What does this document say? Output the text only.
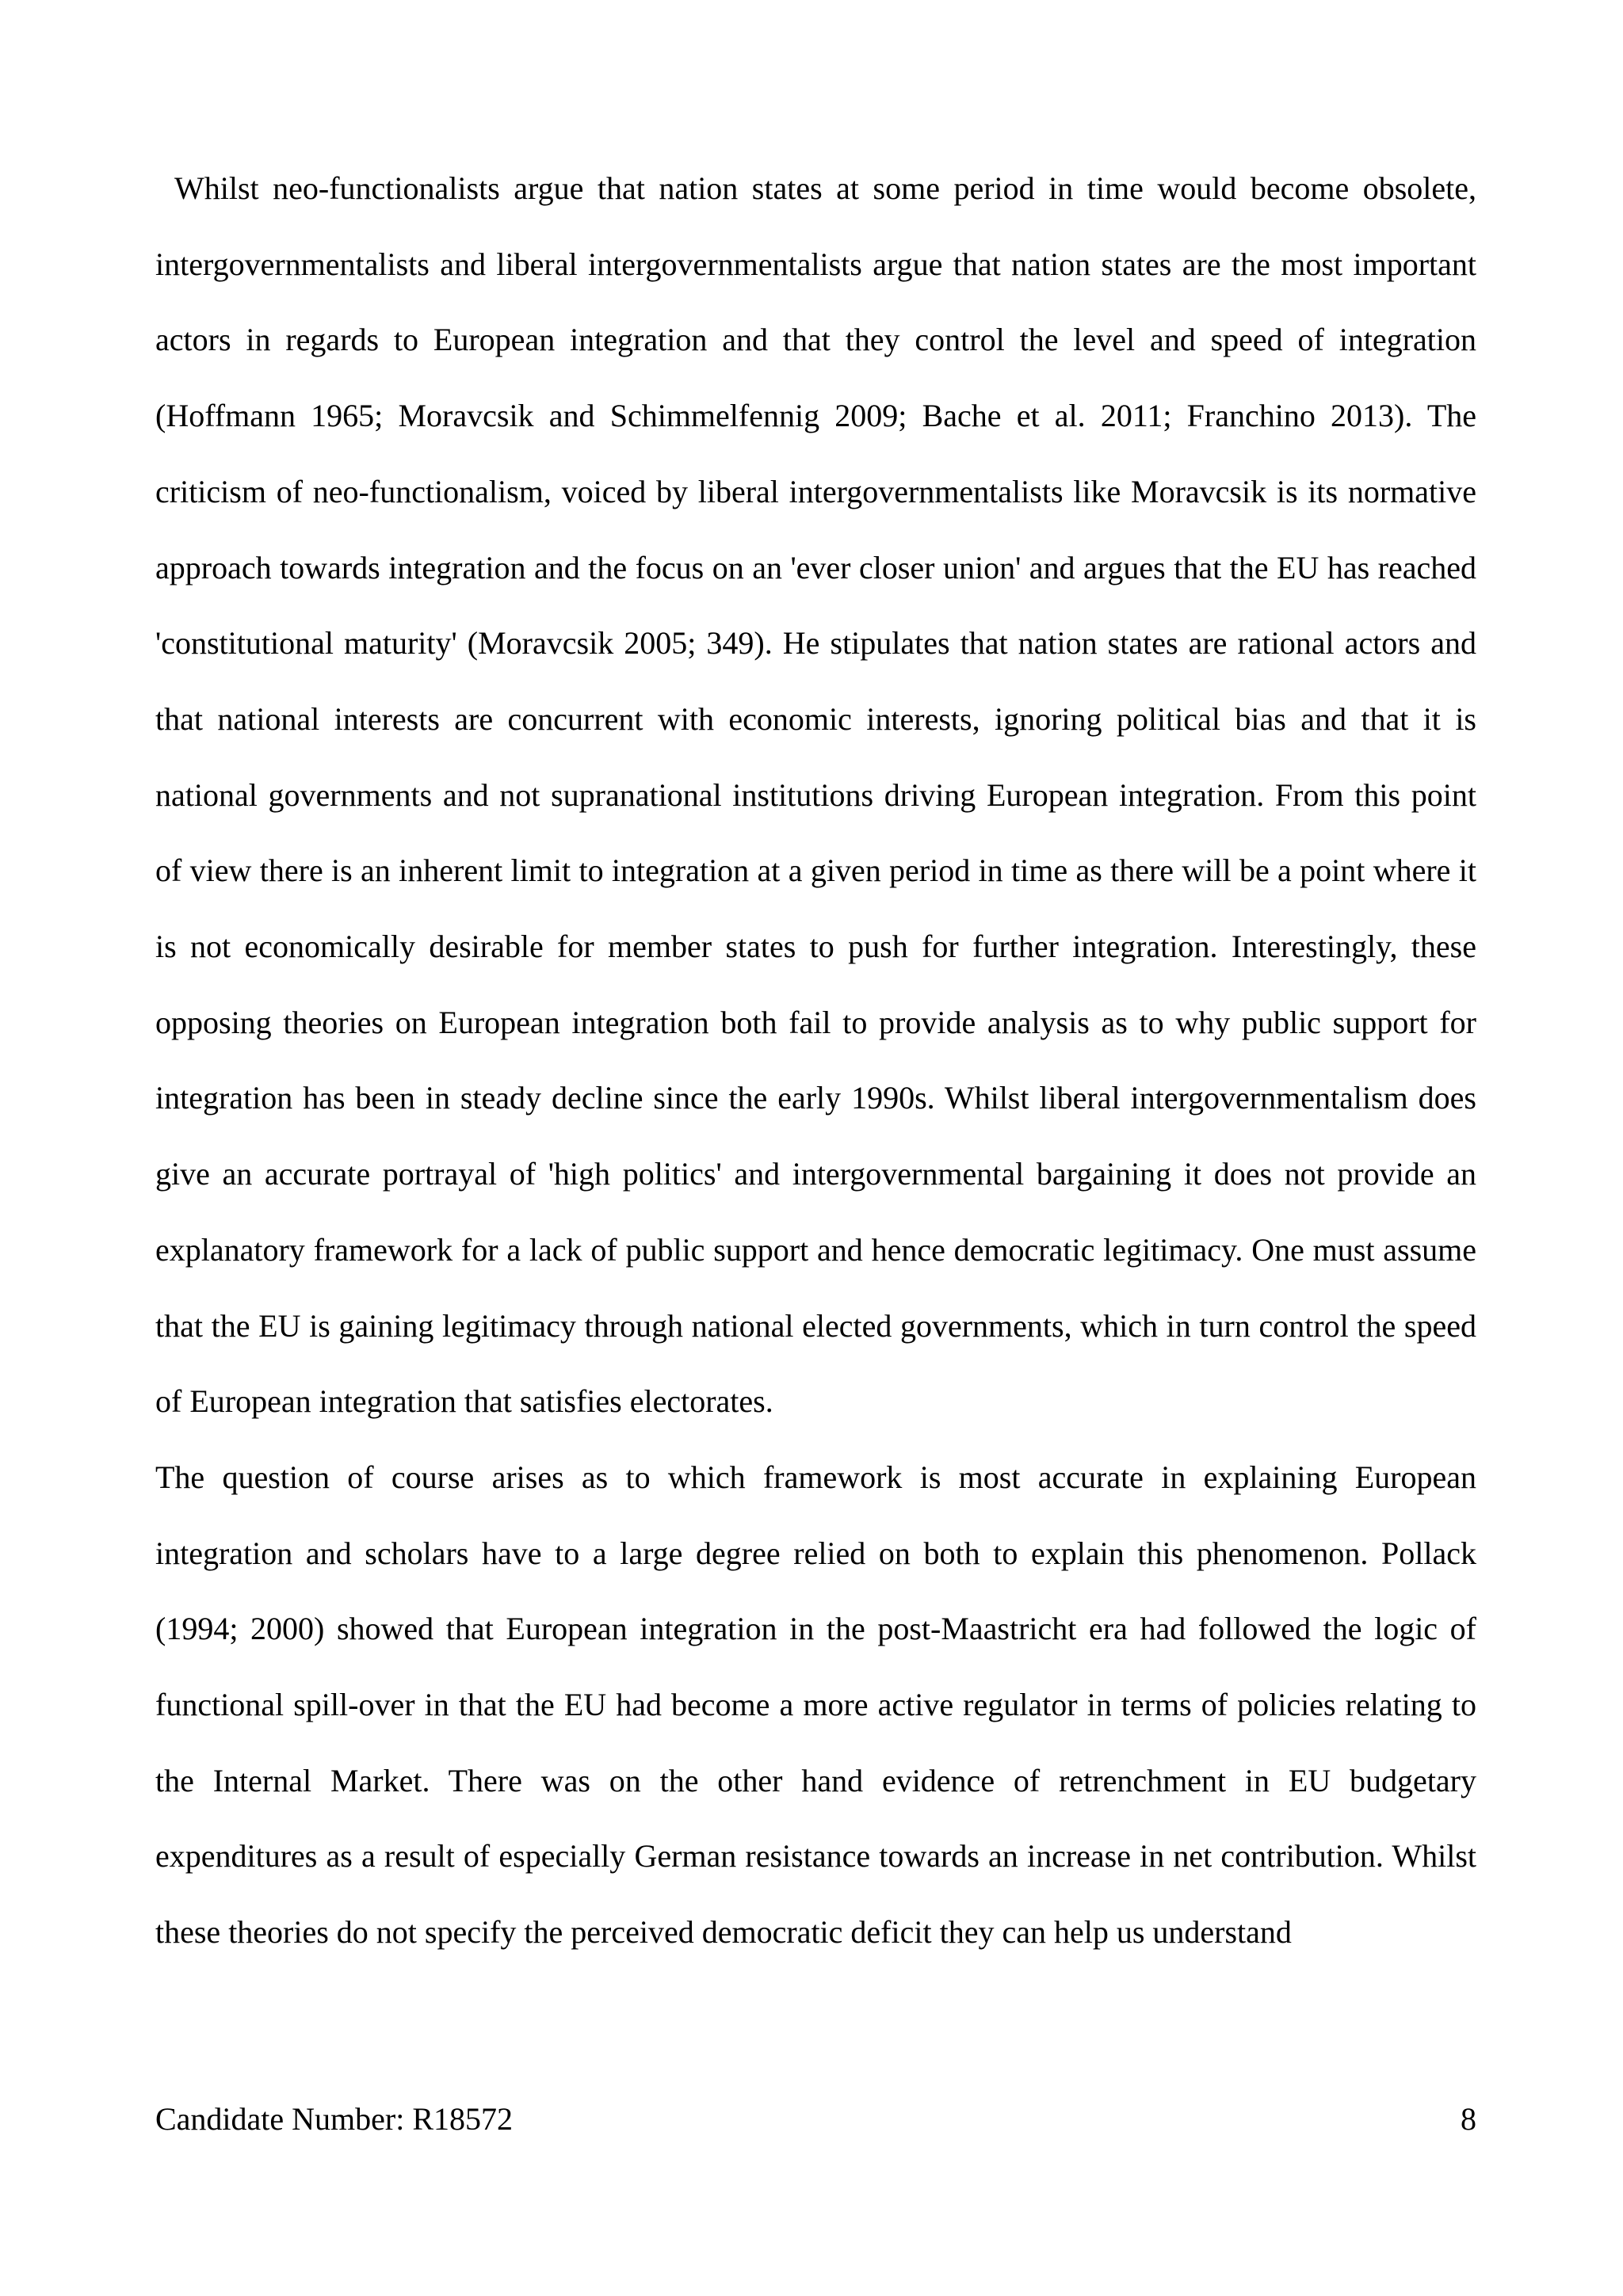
Whilst neo-functionalists argue that nation states at some period in time would become obsolete, intergovernmentalists and liberal intergovernmentalists argue that nation states are the most important actors in regards to European integration and that they control the level and speed of integration (Hoffmann 1965; Moravcsik and Schimmelfennig 2009; Bache et al. 2011; Franchino 2013). The criticism of neo-functionalism, voiced by liberal intergovernmentalists like Moravcsik is its normative approach towards integration and the focus on an 'ever closer union' and argues that the EU has reached 'constitutional maturity' (Moravcsik 2005; 349). He stipulates that nation states are rational actors and that national interests are concurrent with economic interests, ignoring political bias and that it is national governments and not supranational institutions driving European integration. From this point of view there is an inherent limit to integration at a given period in time as there will be a point where it is not economically desirable for member states to push for further integration. Interestingly, these opposing theories on European integration both fail to provide analysis as to why public support for integration has been in steady decline since the early 1990s. Whilst liberal intergovernmentalism does give an accurate portrayal of 'high politics' and intergovernmental bargaining it does not provide an explanatory framework for a lack of public support and hence democratic legitimacy. One must assume that the EU is gaining legitimacy through national elected governments, which in turn control the speed of European integration that satisfies electorates.

The question of course arises as to which framework is most accurate in explaining European integration and scholars have to a large degree relied on both to explain this phenomenon. Pollack (1994; 2000) showed that European integration in the post-Maastricht era had followed the logic of functional spill-over in that the EU had become a more active regulator in terms of policies relating to the Internal Market. There was on the other hand evidence of retrenchment in EU budgetary expenditures as a result of especially German resistance towards an increase in net contribution. Whilst these theories do not specify the perceived democratic deficit they can help us understand

Candidate Number: R18572	8
